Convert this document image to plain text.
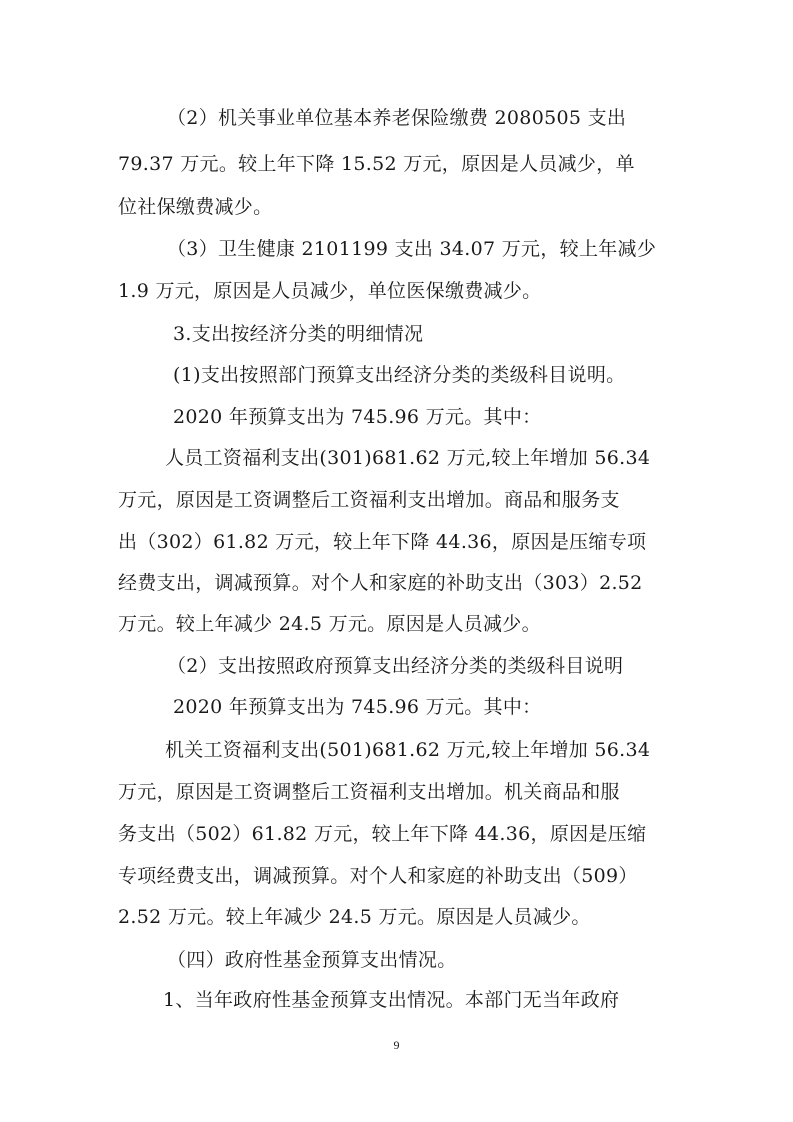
（2）机关事业单位基本养老保险缴费 2080505 支出
79.37 万元。较上年下降 15.52 万元，原因是人员减少，单
位社保缴费减少。
（3）卫生健康 2101199 支出 34.07 万元，较上年减少
1.9 万元，原因是人员减少，单位医保缴费减少。
3.支出按经济分类的明细情况
(1)支出按照部门预算支出经济分类的类级科目说明。
2020 年预算支出为 745.96 万元。其中：
人员工资福利支出(301)681.62 万元,较上年增加 56.34
万元，原因是工资调整后工资福利支出增加。商品和服务支
出（302）61.82 万元，较上年下降 44.36，原因是压缩专项
经费支出，调减预算。对个人和家庭的补助支出（303）2.52
万元。较上年减少 24.5 万元。原因是人员减少。
（2）支出按照政府预算支出经济分类的类级科目说明
2020 年预算支出为 745.96 万元。其中：
机关工资福利支出(501)681.62 万元,较上年增加 56.34
万元，原因是工资调整后工资福利支出增加。机关商品和服
务支出（502）61.82 万元，较上年下降 44.36，原因是压缩
专项经费支出，调减预算。对个人和家庭的补助支出（509）
2.52 万元。较上年减少 24.5 万元。原因是人员减少。
（四）政府性基金预算支出情况。
1、当年政府性基金预算支出情况。本部门无当年政府
9
